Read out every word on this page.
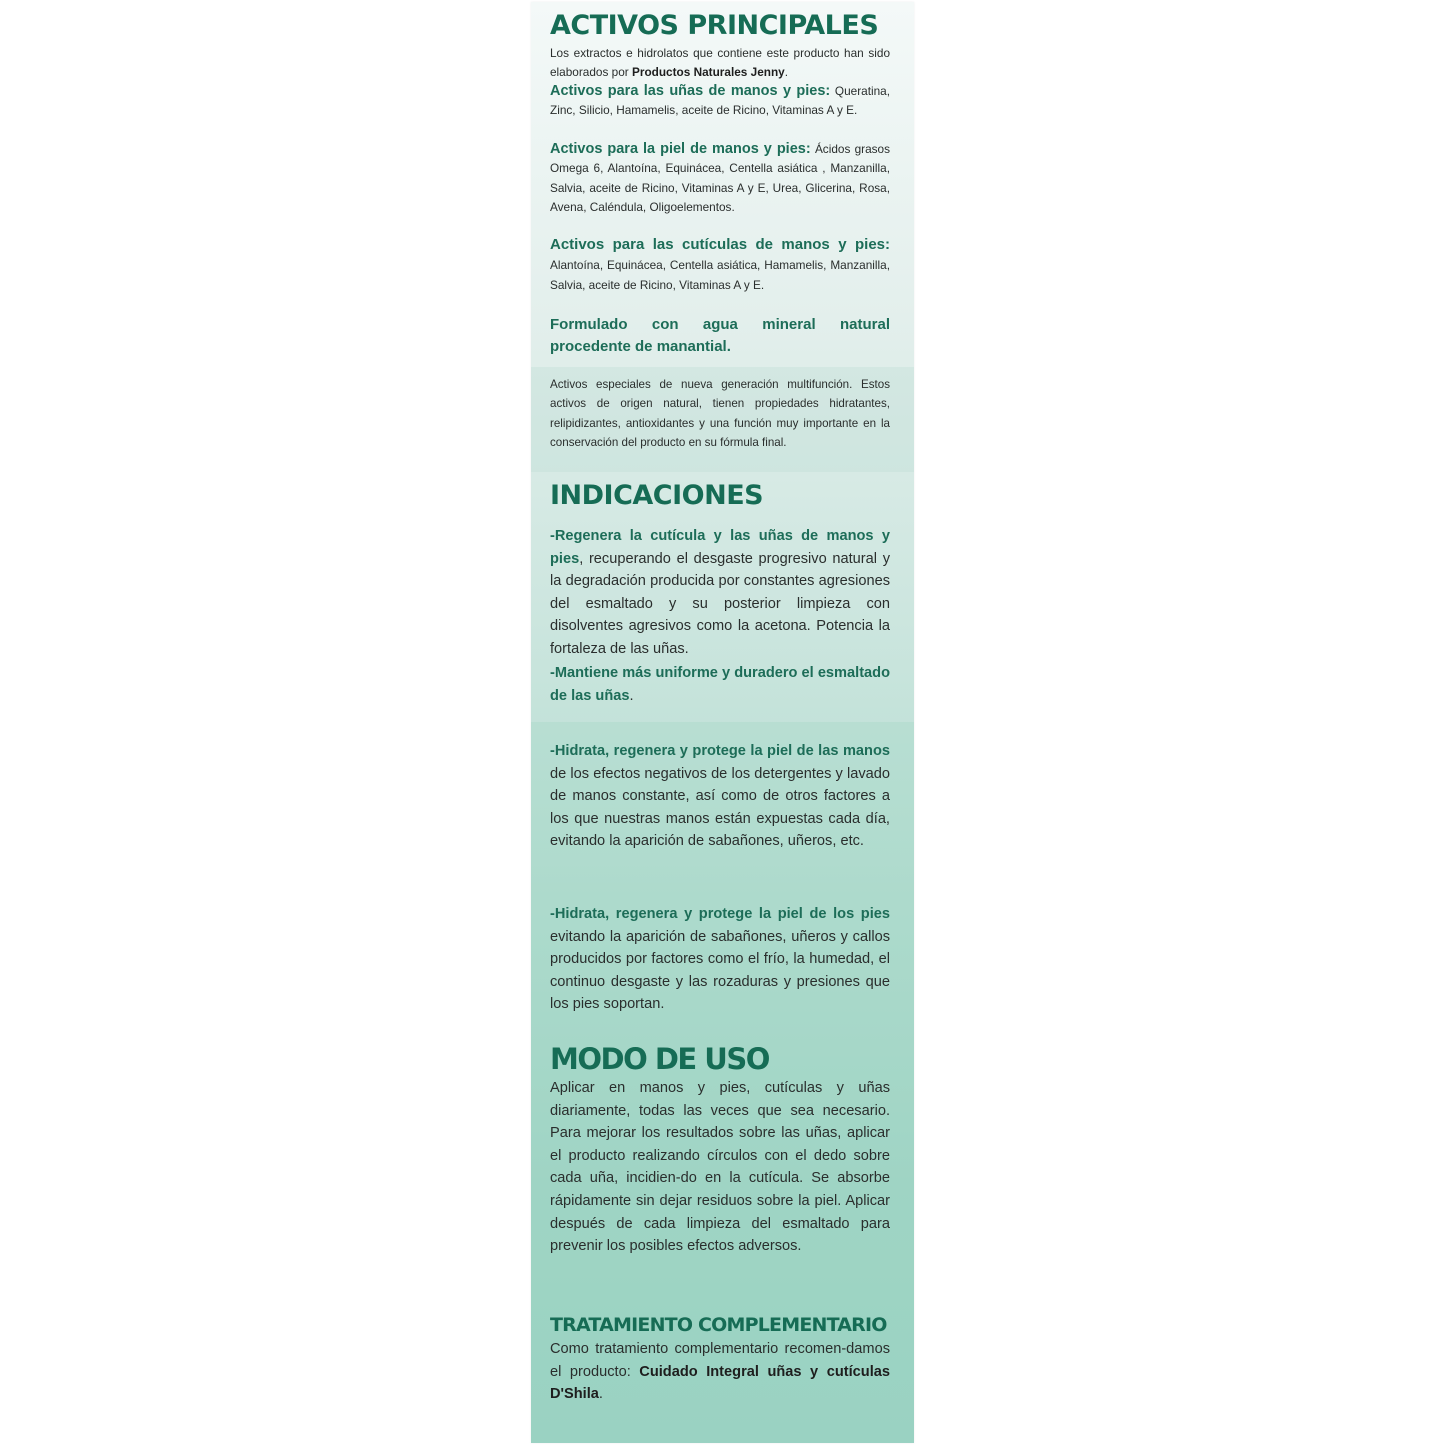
ACTIVOS PRINCIPALES

Los extractos e hidrolatos que contiene este producto han sido elaborados por Productos Naturales Jenny.

Activos para las uñas de manos y pies: Queratina, Zinc, Silicio, Hamamelis, aceite de Ricino, Vitaminas A y E.

Activos para la piel de manos y pies: Ácidos grasos Omega 6, Alantoína, Equinácea, Centella asiática , Manzanilla, Salvia, aceite de Ricino, Vitaminas A y E, Urea, Glicerina, Rosa, Avena, Caléndula, Oligoelementos.

Activos para las cutículas de manos y pies: Alantoína, Equinácea, Centella asiática, Hamamelis, Manzanilla, Salvia, aceite de Ricino, Vitaminas A y E.

Formulado con agua mineral natural procedente de manantial.

Activos especiales de nueva generación multifunción. Estos activos de origen natural, tienen propiedades hidratantes, relipidizantes, antioxidantes y una función muy importante en la conservación del producto en su fórmula final.

INDICACIONES

-Regenera la cutícula y las uñas de manos y pies, recuperando el desgaste progresivo natural y la degradación producida por constantes agresiones del esmaltado y su posterior limpieza con disolventes agresivos como la acetona. Potencia la fortaleza de las uñas.

-Mantiene más uniforme y duradero el esmaltado de las uñas.

-Hidrata, regenera y protege la piel de las manos de los efectos negativos de los detergentes y lavado de manos constante, así como de otros factores a los que nuestras manos están expuestas cada día, evitando la aparición de sabañones, uñeros, etc.

-Hidrata, regenera y protege la piel de los pies evitando la aparición de sabañones, uñeros y callos producidos por factores como el frío, la humedad, el continuo desgaste y las rozaduras y presiones que los pies soportan.

MODO DE USO

Aplicar en manos y pies, cutículas y uñas diariamente, todas las veces que sea necesario. Para mejorar los resultados sobre las uñas, aplicar el producto realizando círculos con el dedo sobre cada uña, incidien-do en la cutícula. Se absorbe rápidamente sin dejar residuos sobre la piel. Aplicar después de cada limpieza del esmaltado para prevenir los posibles efectos adversos.

TRATAMIENTO COMPLEMENTARIO

Como tratamiento complementario recomen-damos el producto: Cuidado Integral uñas y cutículas D'Shila.
